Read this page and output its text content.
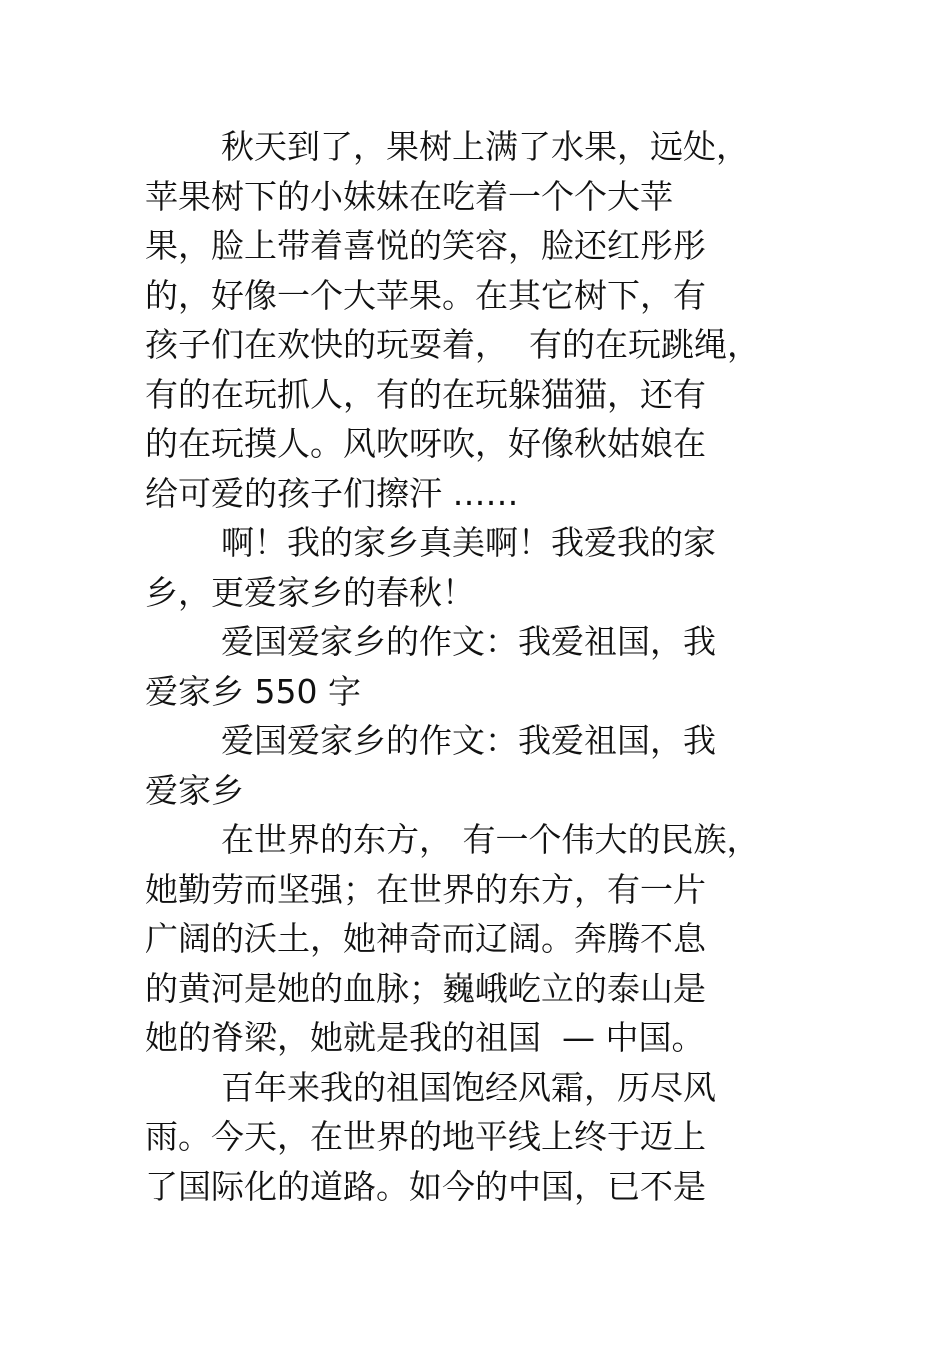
秋天到了，果树上满了水果，远处，
苹果树下的小妹妹在吃着一个个大苹
果，脸上带着喜悦的笑容，脸还红彤彤
的，好像一个大苹果。在其它树下，有
孩子们在欢快的玩耍着，  有的在玩跳绳，
有的在玩抓人，有的在玩躲猫猫，还有
的在玩摸人。风吹呀吹，好像秋姑娘在
给可爱的孩子们擦汗 ……
啊！我的家乡真美啊！我爱我的家
乡，更爱家乡的春秋！
爱国爱家乡的作文：我爱祖国，我
爱家乡 550 字
爱国爱家乡的作文：我爱祖国，我
爱家乡
在世界的东方， 有一个伟大的民族，
她勤劳而坚强；在世界的东方，有一片
广阔的沃土，她神奇而辽阔。奔腾不息
的黄河是她的血脉；巍峨屹立的泰山是
她的脊梁，她就是我的祖国  — 中国。
百年来我的祖国饱经风霜，历尽风
雨。今天，在世界的地平线上终于迈上
了国际化的道路。如今的中国，已不是
